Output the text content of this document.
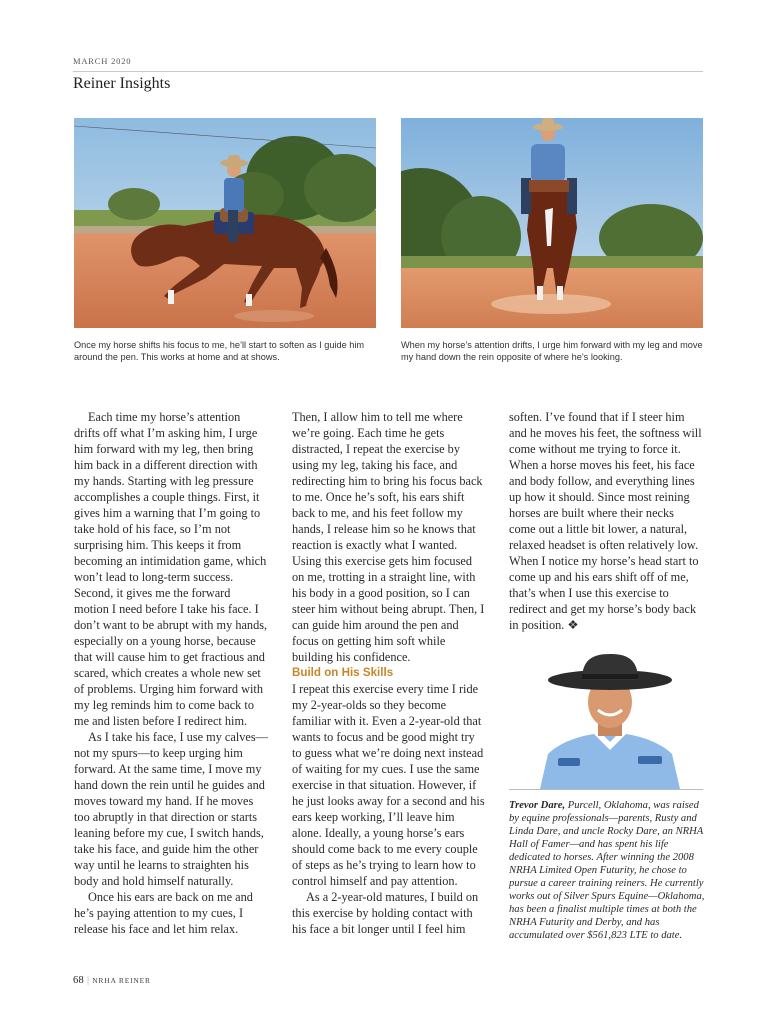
MARCH 2020
Reiner Insights
Once my horse shifts his focus to me, he’ll start to soften as I guide him around the pen. This works at home and at shows.
When my horse’s attention drifts, I urge him forward with my leg and move my hand down the rein opposite of where he’s looking.

Each time my horse’s attention drifts off what I’m asking him, I urge him forward with my leg, then bring him back in a different direction with my hands. Starting with leg pressure accomplishes a couple things. First, it gives him a warning that I’m going to take hold of his face, so I’m not surprising him. This keeps it from becoming an intimidation game, which won’t lead to long-term success. Second, it gives me the forward motion I need before I take his face. I don’t want to be abrupt with my hands, especially on a young horse, because that will cause him to get fractious and scared, which creates a whole new set of problems. Urging him forward with my leg reminds him to come back to me and listen before I redirect him.

As I take his face, I use my calves—not my spurs—to keep urging him forward. At the same time, I move my hand down the rein until he guides and moves toward my hand. If he moves too abruptly in that direction or starts leaning before my cue, I switch hands, take his face, and guide him the other way until he learns to straighten his body and hold himself naturally.

Once his ears are back on me and he’s paying attention to my cues, I release his face and let him relax.

Then, I allow him to tell me where we’re going. Each time he gets distracted, I repeat the exercise by using my leg, taking his face, and redirecting him to bring his focus back to me. Once he’s soft, his ears shift back to me, and his feet follow my hands, I release him so he knows that reaction is exactly what I wanted. Using this exercise gets him focused on me, trotting in a straight line, with his body in a good position, so I can steer him without being abrupt. Then, I can guide him around the pen and focus on getting him soft while building his confidence.

Build on His Skills

I repeat this exercise every time I ride my 2-year-olds so they become familiar with it. Even a 2-year-old that wants to focus and be good might try to guess what we’re doing next instead of waiting for my cues. I use the same exercise in that situation. However, if he just looks away for a second and his ears keep working, I’ll leave him alone. Ideally, a young horse’s ears should come back to me every couple of steps as he’s trying to learn how to control himself and pay attention.

As a 2-year-old matures, I build on this exercise by holding contact with his face a bit longer until I feel him

soften. I’ve found that if I steer him and he moves his feet, the softness will come without me trying to force it. When a horse moves his feet, his face and body follow, and everything lines up how it should. Since most reining horses are built where their necks come out a little bit lower, a natural, relaxed headset is often relatively low. When I notice my horse’s head start to come up and his ears shift off of me, that’s when I use this exercise to redirect and get my horse’s body back in position. ❖

Trevor Dare, Purcell, Oklahoma, was raised by equine professionals—parents, Rusty and Linda Dare, and uncle Rocky Dare, an NRHA Hall of Famer—and has spent his life dedicated to horses. After winning the 2008 NRHA Limited Open Futurity, he chose to pursue a career training reiners. He currently works out of Silver Spurs Equine—Oklahoma, has been a finalist multiple times at both the NRHA Futurity and Derby, and has accumulated over $561,823 LTE to date.
68 | NRHA REINER
